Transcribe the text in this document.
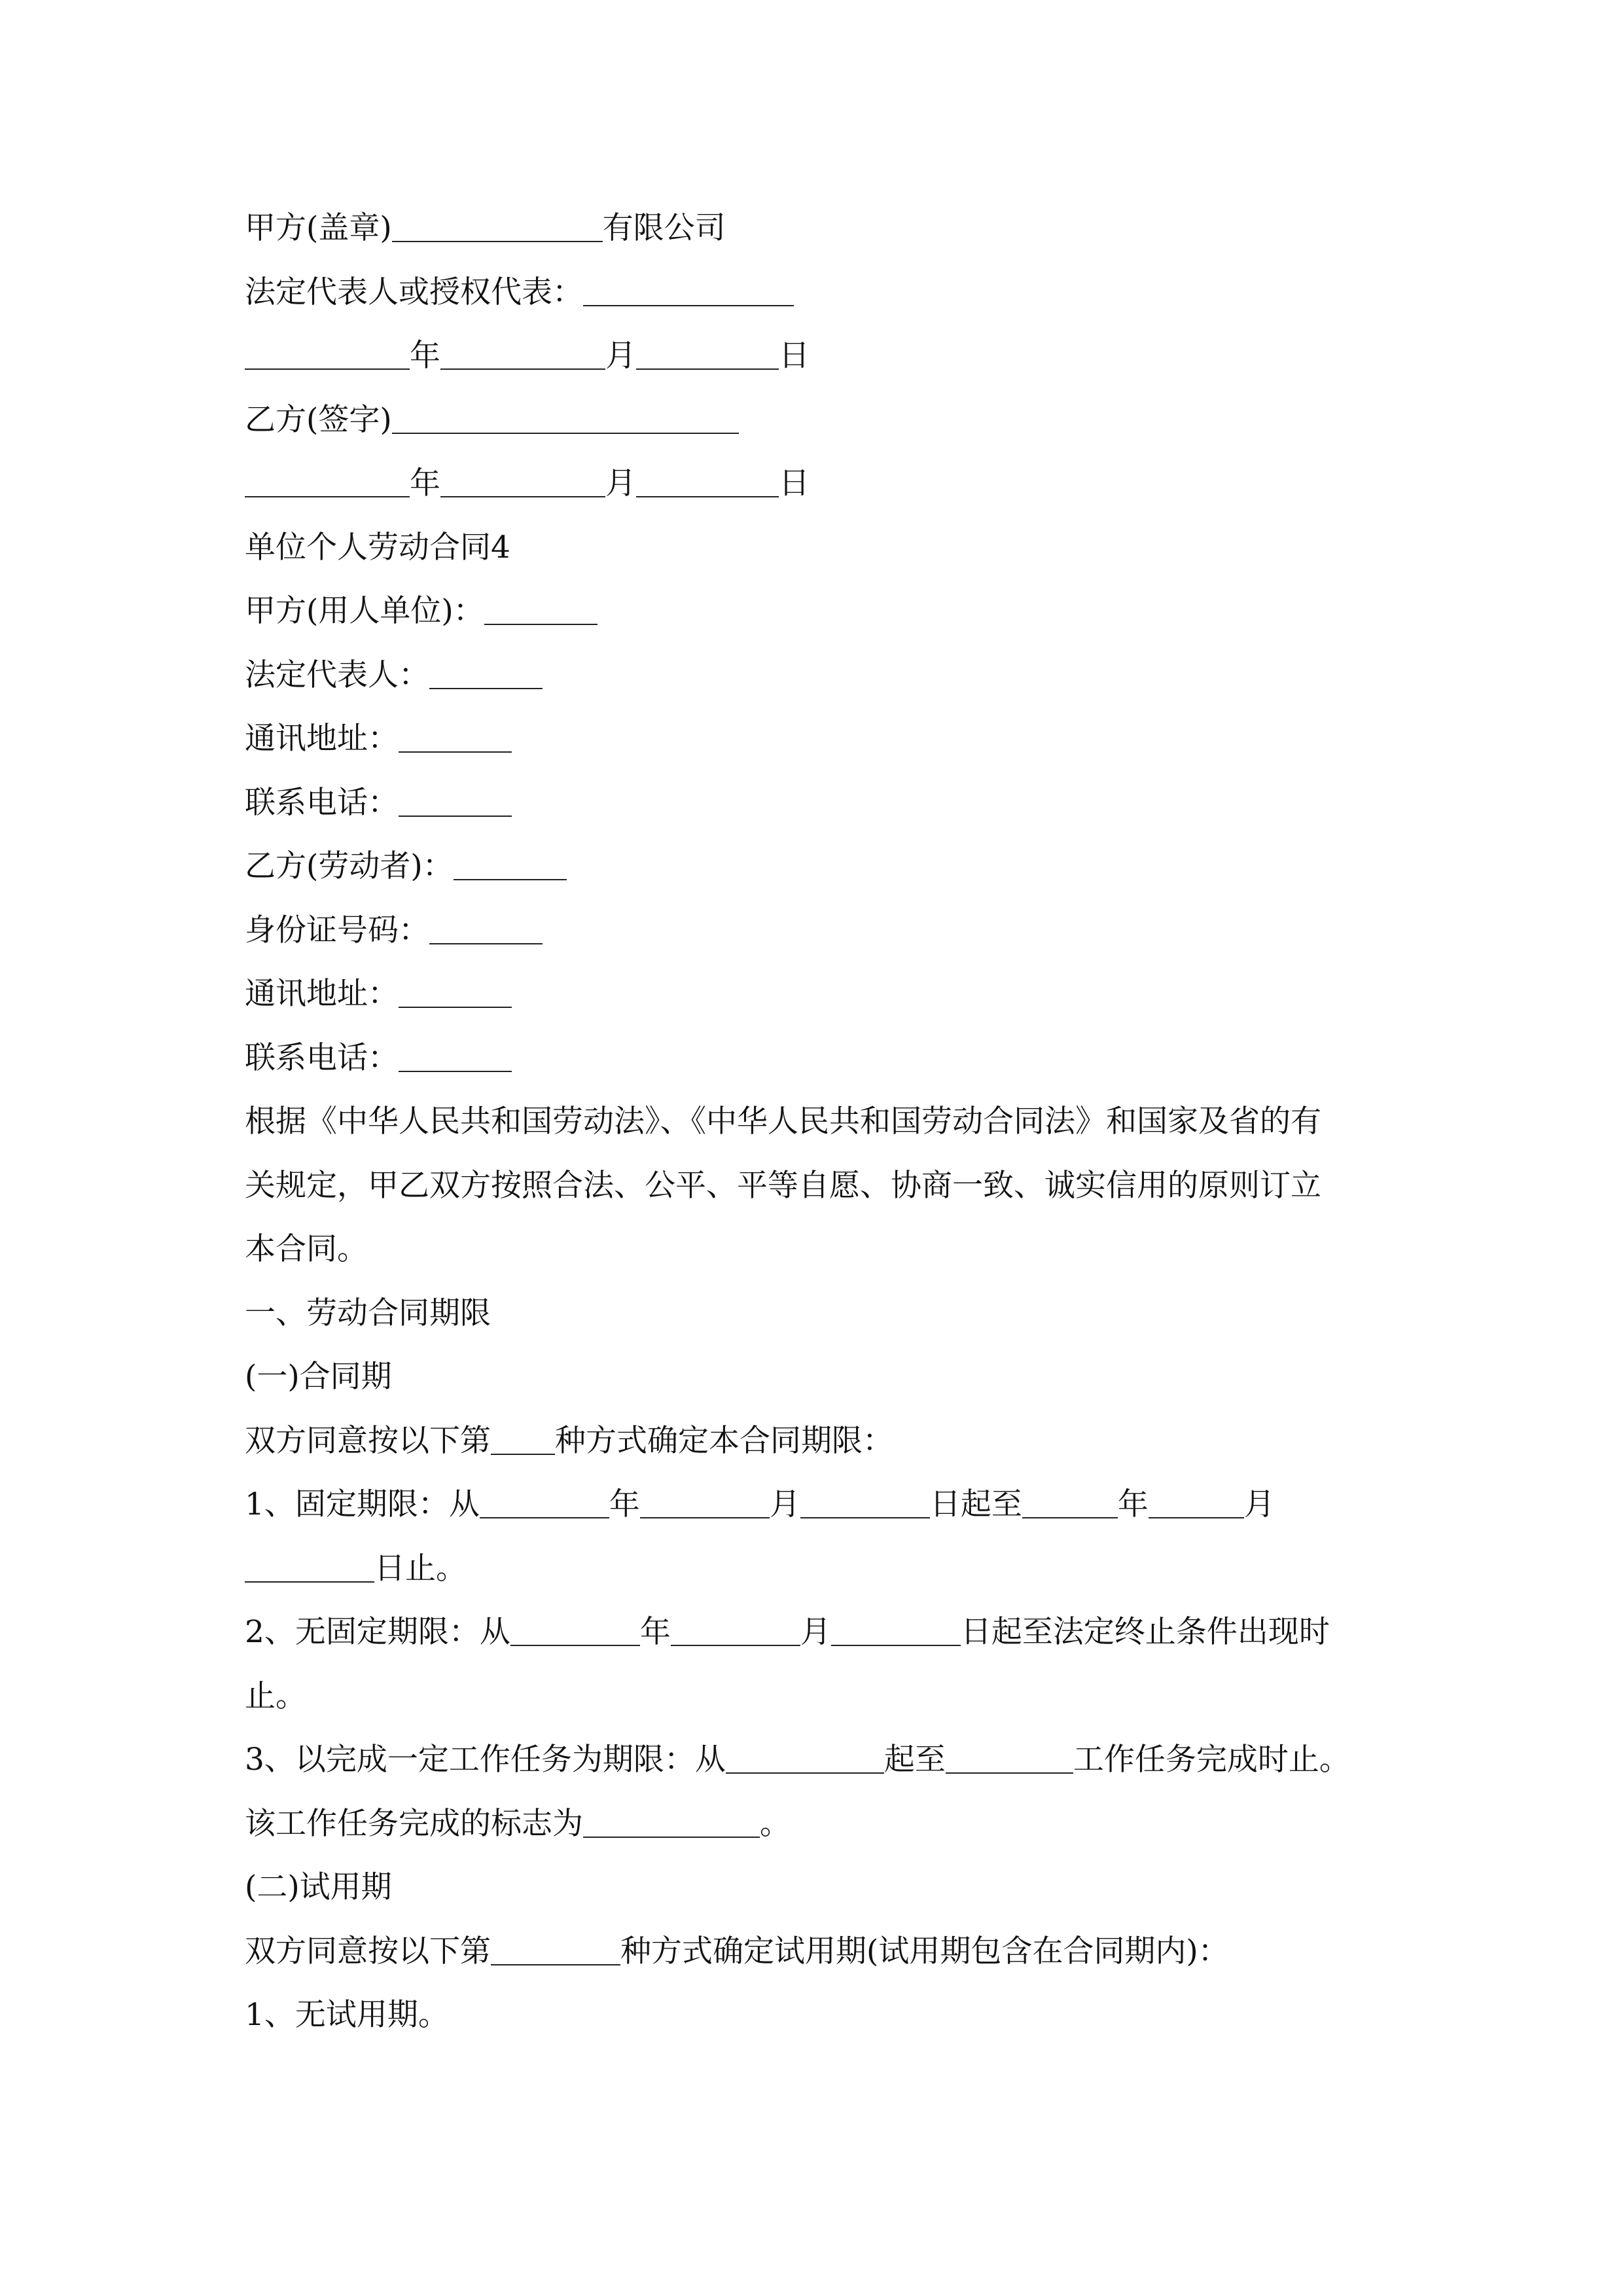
甲方(盖章)	有限公司
法定代表人或授权代表：
年	月	日
乙方(签字)
年	月	日
单位个人劳动合同4
甲方(用人单位)：
法定代表人：
通讯地址：
联系电话：
乙方(劳动者)：
身份证号码：
通讯地址：
联系电话：
根据《中华人民共和国劳动法》、《中华人民共和国劳动合同法》和国家及省的有
关规定，甲乙双方按照合法、公平、平等自愿、协商一致、诚实信用的原则订立
本合同。
一、劳动合同期限
(一)合同期
双方同意按以下第 种方式确定本合同期限：
1、固定期限：从	年	月	日起至	年	月
日止。
2、无固定期限：从	年	月	日起至法定终止条件出现时
止。
3、以完成一定工作任务为期限：从	起至	工作任务完成时止。
该工作任务完成的标志为	。
(二)试用期
双方同意按以下第	种方式确定试用期(试用期包含在合同期内)：
1、无试用期。
